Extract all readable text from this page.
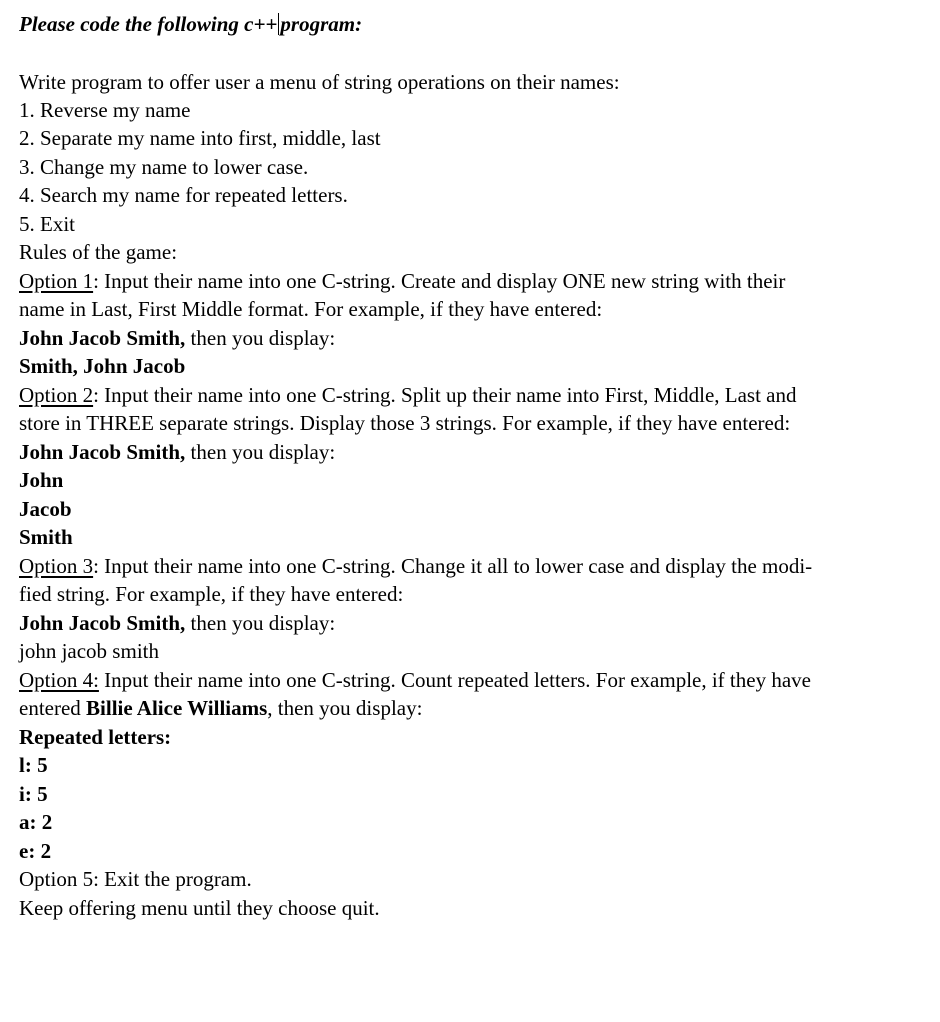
Please code the following c++ program:
Write program to offer user a menu of string operations on their names:
1. Reverse my name
2. Separate my name into first, middle, last
3. Change my name to lower case.
4. Search my name for repeated letters.
5. Exit
Rules of the game:
Option 1: Input their name into one C-string. Create and display ONE new string with their
name in Last, First Middle format. For example, if they have entered:
John Jacob Smith, then you display:
Smith, John Jacob
Option 2: Input their name into one C-string. Split up their name into First, Middle, Last and
store in THREE separate strings. Display those 3 strings. For example, if they have entered:
John Jacob Smith, then you display:
John
Jacob
Smith
Option 3: Input their name into one C-string. Change it all to lower case and display the modi-
fied string. For example, if they have entered:
John Jacob Smith, then you display:
john jacob smith
Option 4: Input their name into one C-string. Count repeated letters. For example, if they have
entered Billie Alice Williams, then you display:
Repeated letters:
l: 5
i: 5
a: 2
e: 2
Option 5: Exit the program.
Keep offering menu until they choose quit.
